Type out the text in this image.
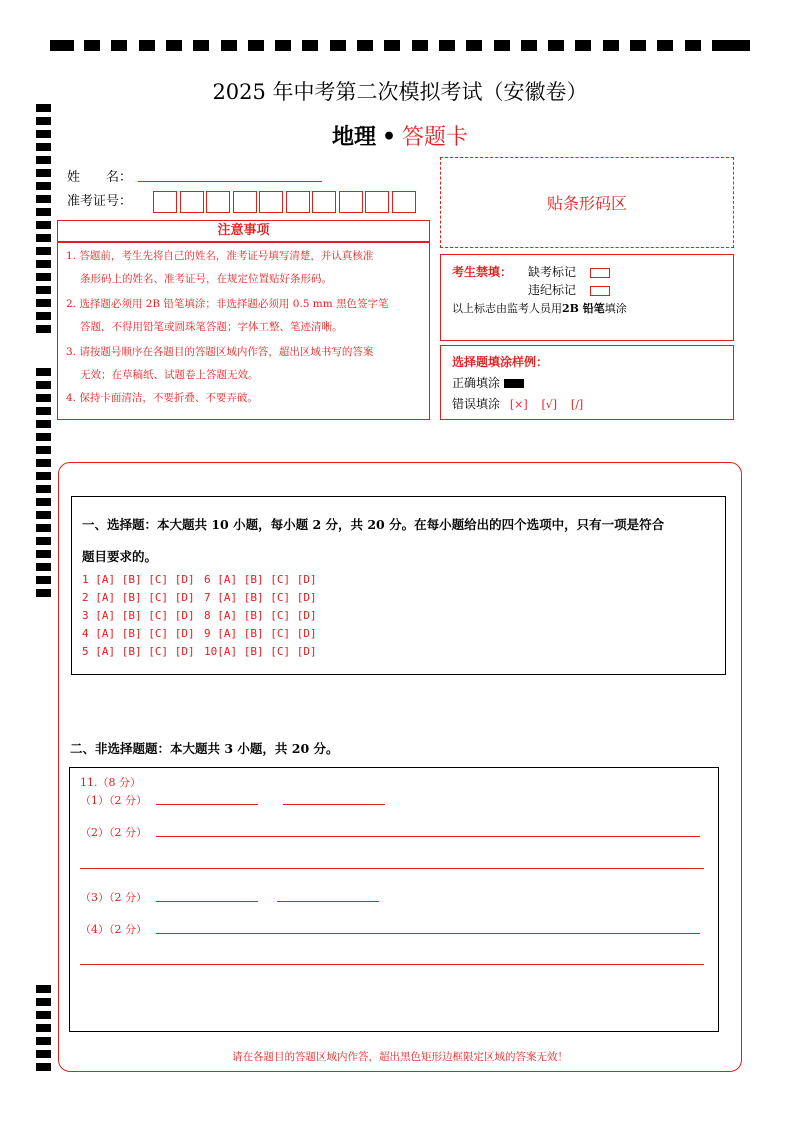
2025 年中考第二次模拟考试（安徽卷）
地理 • 答题卡
姓　　名：
准考证号：	贴条形码区
注意事项
1. 答题前，考生先将自己的姓名，准考证号填写清楚，并认真核准
条形码上的姓名、准考证号，在规定位置贴好条形码。
2. 选择题必须用 2B 铅笔填涂；非选择题必须用 0.5 mm 黑色签字笔
答题，不得用铅笔或圆珠笔答题；字体工整、笔迹清晰。
3. 请按题号顺序在各题目的答题区域内作答，超出区域书写的答案
无效；在草稿纸、试题卷上答题无效。
4. 保持卡面清洁，不要折叠、不要弄破。
考生禁填： 缺考标记
违纪标记
以上标志由监考人员用2B 铅笔填涂
选择题填涂样例：
正确填涂
错误填涂 [×] [√] [/]
一、选择题：本大题共 10 小题，每小题 2 分，共 20 分。在每小题给出的四个选项中，只有一项是符合
题目要求的。
1 [A] [B] [C] [D]
2 [A] [B] [C] [D]
3 [A] [B] [C] [D]
4 [A] [B] [C] [D]
5 [A] [B] [C] [D]
6 [A] [B] [C] [D]
7 [A] [B] [C] [D]
8 [A] [B] [C] [D]
9 [A] [B] [C] [D]
10[A] [B] [C] [D]
二、非选择题题：本大题共 3 小题，共 20 分。
11.（8 分）
（1）（2 分）
（2）（2 分）
（3）（2 分）
（4）（2 分）
请在各题目的答题区域内作答，超出黑色矩形边框限定区域的答案无效！
